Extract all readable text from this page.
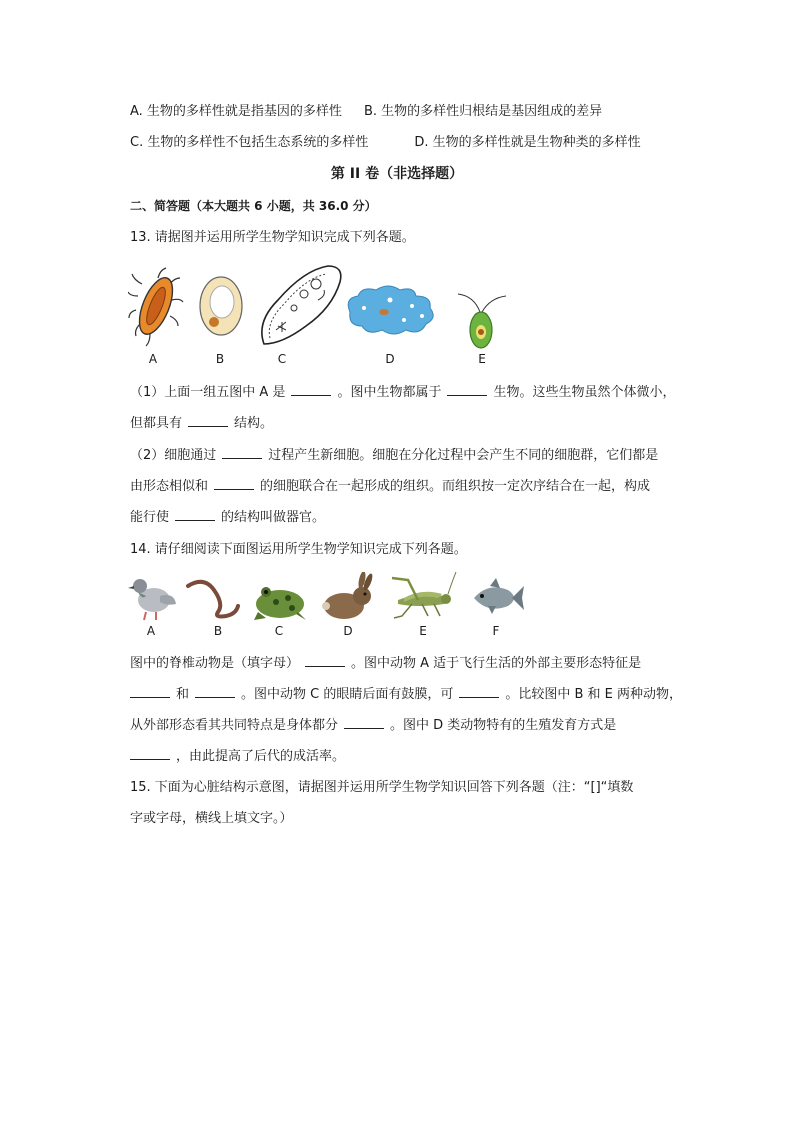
A. 生物的多样性就是指基因的多样性 B. 生物的多样性归根结是基因组成的差异
C. 生物的多样性不包括生态系统的多样性	D. 生物的多样性就是生物种类的多样性
第 II 卷（非选择题）
二、简答题（本大题共 6 小题，共 36.0 分）
13. 请据图并运用所学生物学知识完成下列各题。
A	B	C	D	E
（1）上面一组五图中 A 是	。图中生物都属于	生物。这些生物虽然个体微小，
但都具有	结构。
（2）细胞通过	过程产生新细胞。细胞在分化过程中会产生不同的细胞群，它们都是
由形态相似和	的细胞联合在一起形成的组织。而组织按一定次序结合在一起，构成
能行使	的结构叫做器官。
14. 请仔细阅读下面图运用所学生物学知识完成下列各题。
A	B	C	D	E	F
图中的脊椎动物是（填字母）	。图中动物 A 适于飞行生活的外部主要形态特征是
和	。图中动物 C 的眼睛后面有鼓膜，可	。比较图中 B 和 E 两种动物，
从外部形态看其共同特点是身体都分	。图中 D 类动物特有的生殖发育方式是
，由此提高了后代的成活率。
15. 下面为心脏结构示意图，请据图并运用所学生物学知识回答下列各题（注：“[]“填数
字或字母，横线上填文字。）
